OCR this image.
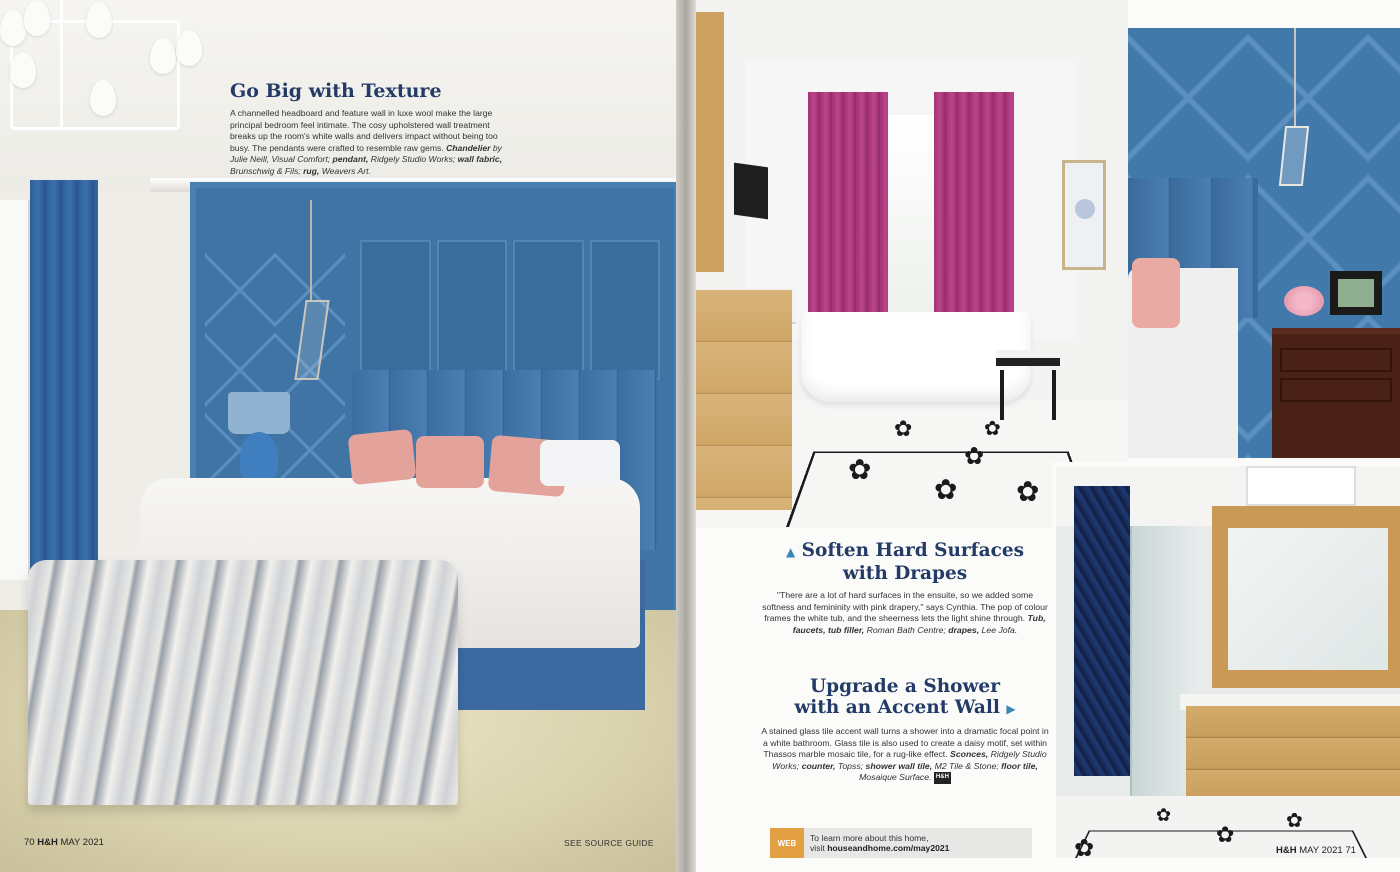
Go Big with Texture

A channelled headboard and feature wall in luxe wool make the large principal bedroom feel intimate. The cosy upholstered wall treatment breaks up the room's white walls and delivers impact without being too busy. The pendants were crafted to resemble raw gems. Chandelier by Julie Neill, Visual Comfort; pendant, Ridgely Studio Works; wall fabric, Brunschwig & Fils; rug, Weavers Art.

70 H&H MAY 2021	SEE SOURCE GUIDE
✿
✿
✿
✿
✿
✿
✿
✿
✿
✿
▲ Soften Hard Surfaces
with Drapes

"There are a lot of hard surfaces in the ensuite, so we added some softness and femininity with pink drapery," says Cynthia. The pop of colour frames the white tub, and the sheerness lets the light shine through. Tub, faucets, tub filler, Roman Bath Centre; drapes, Lee Jofa.

Upgrade a Shower
with an Accent Wall ▶

A stained glass tile accent wall turns a shower into a dramatic focal point in a white bathroom. Glass tile is also used to create a daisy motif, set within Thassos marble mosaic tile, for a rug-like effect. Sconces, Ridgely Studio Works; counter, Topss; shower wall tile, M2 Tile & Stone; floor tile, Mosaique Surface. H&H

WEB
To learn more about this home,
visit houseandhome.com/may2021	H&H MAY 2021 71
